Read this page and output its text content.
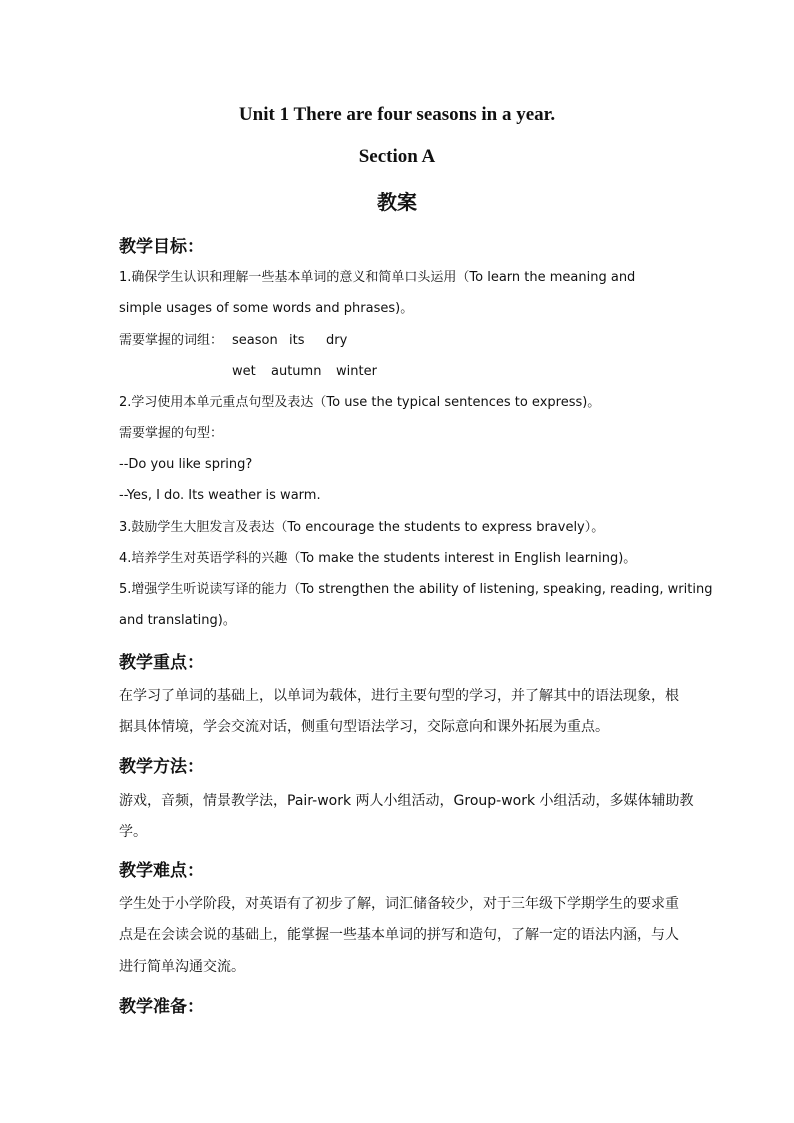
Unit 1 There are four seasons in a year.
Section A
教案
教学目标：
1.确保学生认识和理解一些基本单词的意义和简单口头运用（To learn the meaning and
simple usages of some words and phrases)。
需要掌握的词组： season its dry
wet autumn winter
2.学习使用本单元重点句型及表达（To use the typical sentences to express)。
需要掌握的句型：
--Do you like spring?
--Yes, I do. Its weather is warm.
3.鼓励学生大胆发言及表达（To encourage the students to express bravely）。
4.培养学生对英语学科的兴趣（To make the students interest in English learning)。
5.增强学生听说读写译的能力（To strengthen the ability of listening, speaking, reading, writing
and translating)。
教学重点：
在学习了单词的基础上，以单词为载体，进行主要句型的学习，并了解其中的语法现象，根
据具体情境，学会交流对话，侧重句型语法学习，交际意向和课外拓展为重点。
教学方法：
游戏，音频，情景教学法，Pair-work 两人小组活动，Group-work 小组活动，多媒体辅助教
学。
教学难点：
学生处于小学阶段，对英语有了初步了解，词汇储备较少，对于三年级下学期学生的要求重
点是在会读会说的基础上，能掌握一些基本单词的拼写和造句，了解一定的语法内涵，与人
进行简单沟通交流。
教学准备：
